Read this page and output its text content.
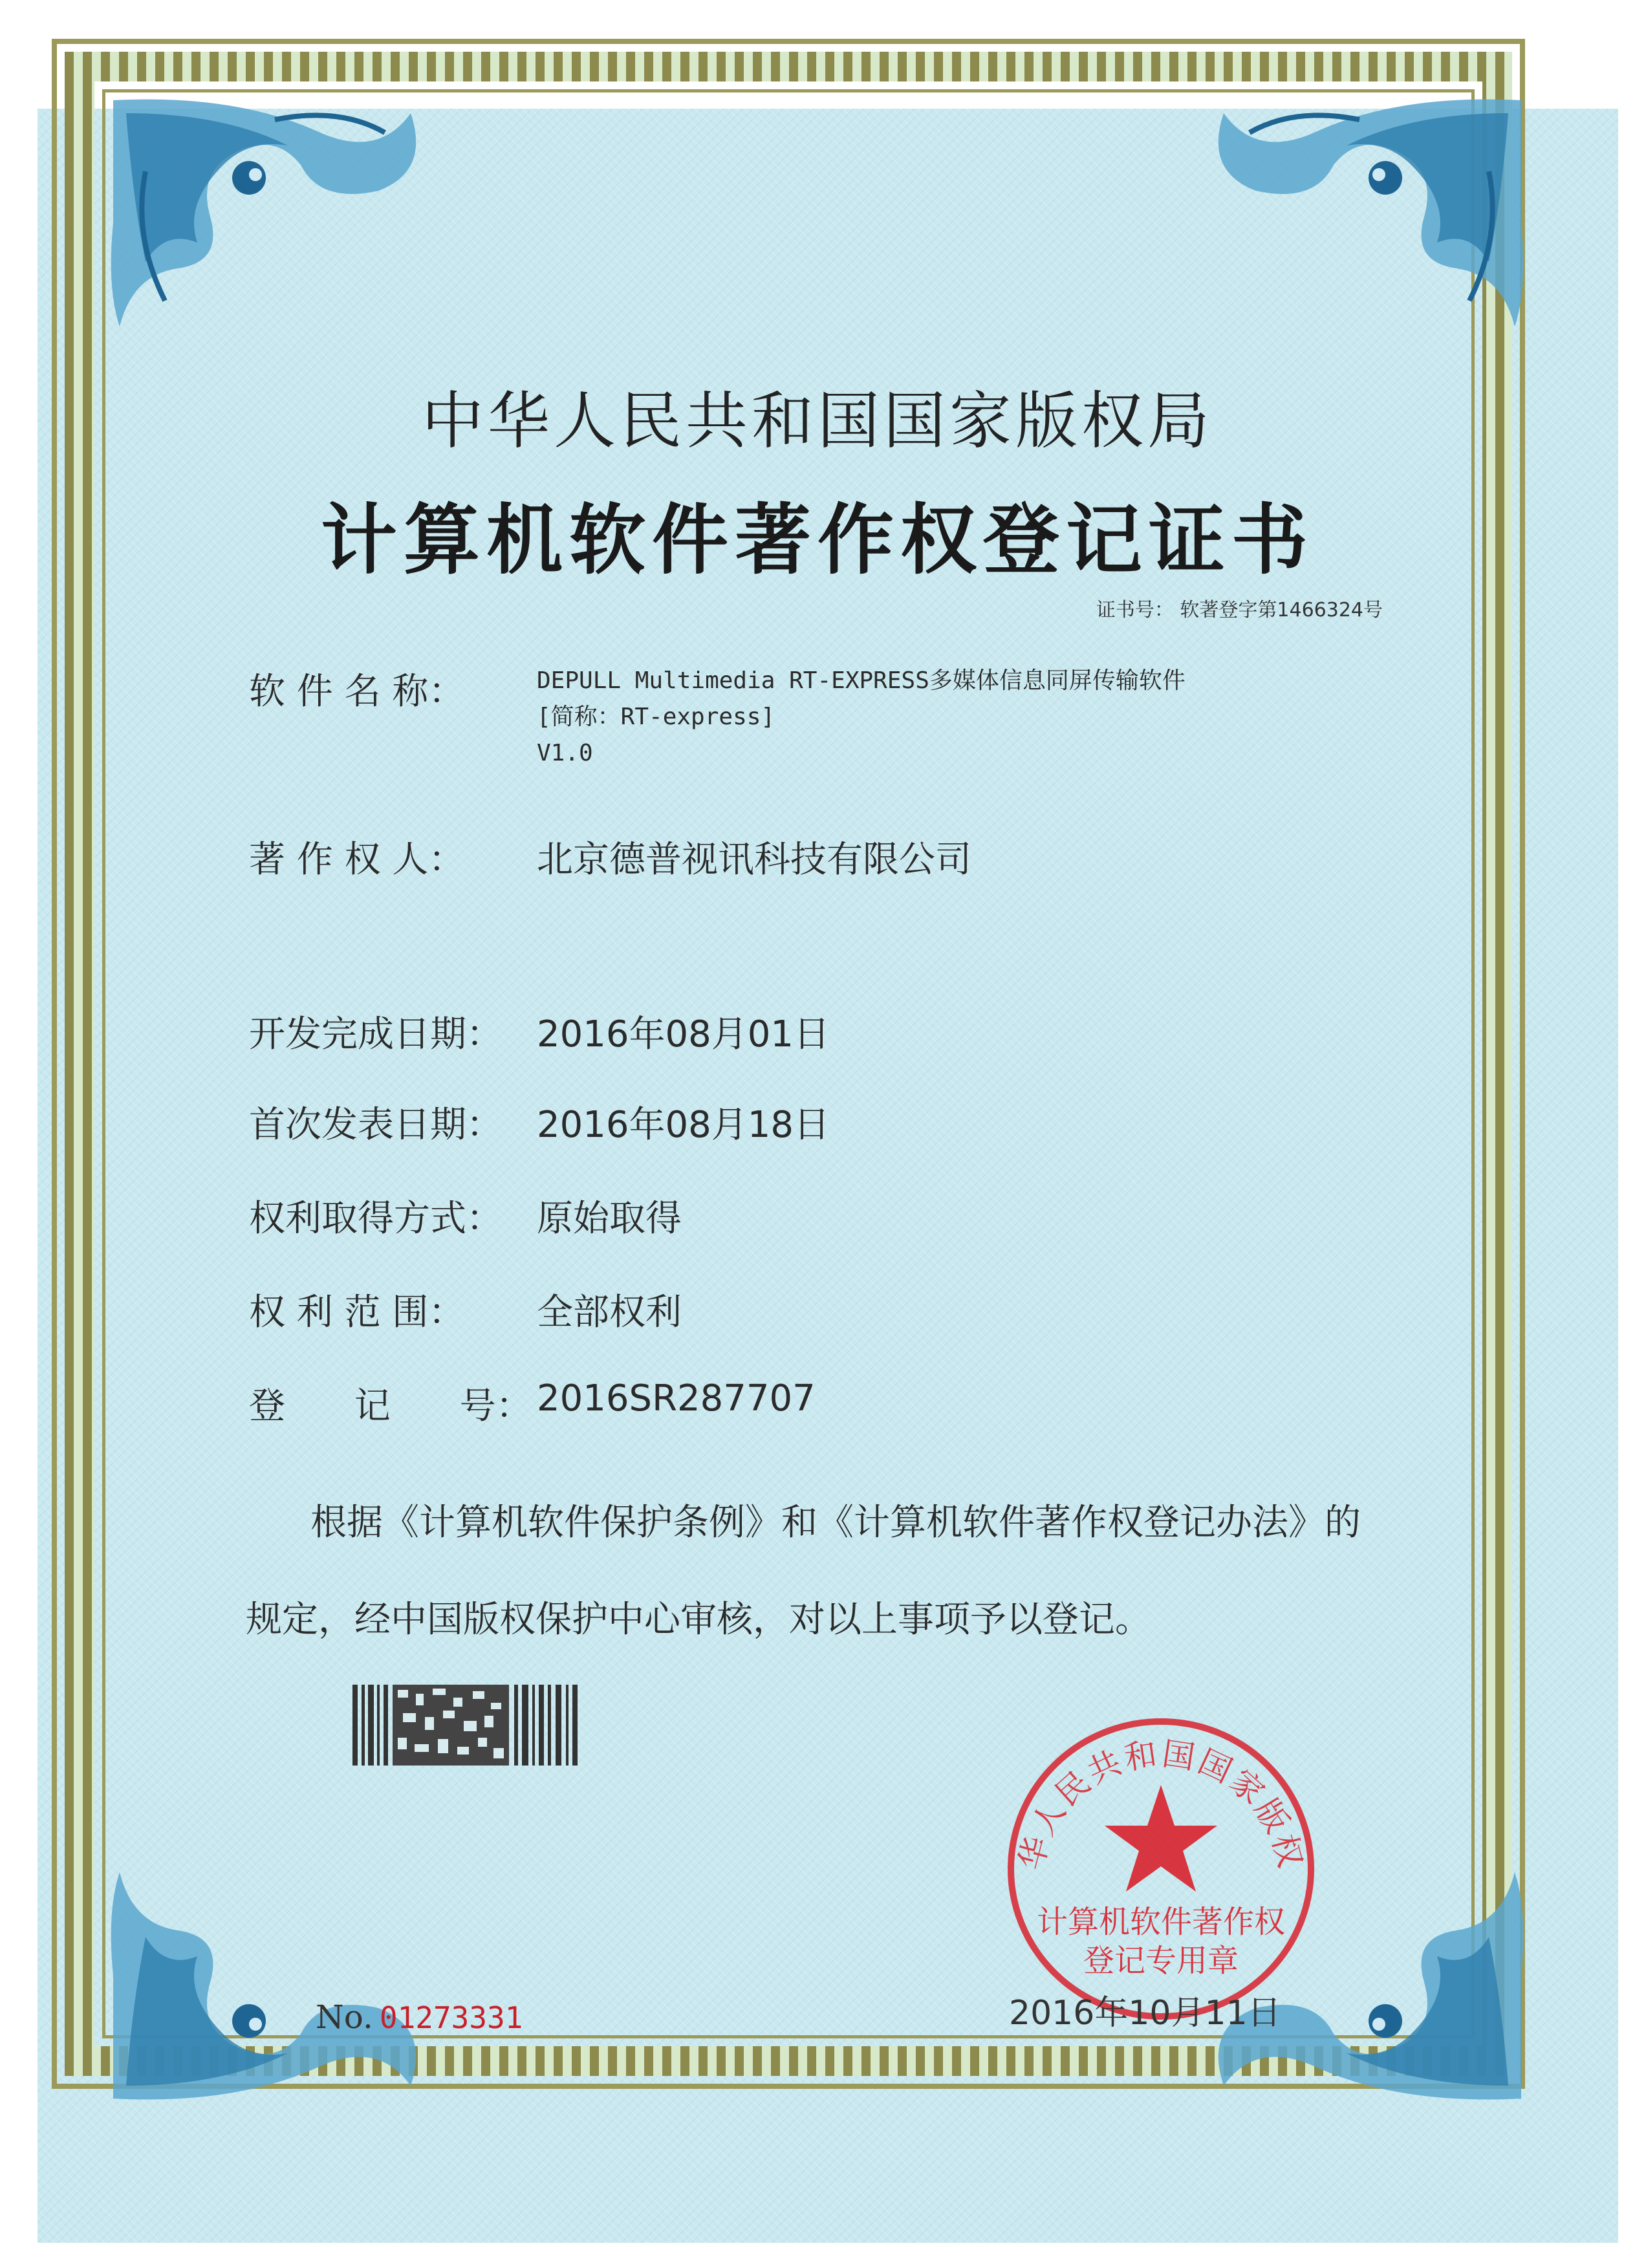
中华人民共和国国家版权局
计算机软件著作权登记证书
证书号： 软著登字第1466324号
软 件 名 称：	DEPULL Multimedia RT-EXPRESS多媒体信息同屏传输软件
[简称：RT-express]
V1.0
著 作 权 人： 北京德普视讯科技有限公司
开发完成日期： 2016年08月01日
首次发表日期： 2016年08月18日
权利取得方式： 原始取得
权 利 范 围： 全部权利
登      记      号： 2016SR287707
根据《计算机软件保护条例》和《计算机软件著作权登记办法》的
规定，经中国版权保护中心审核，对以上事项予以登记。
No. 01273331
华人民共和国国家版权
计算机软件著作权
登记专用章
2016年10月11日
